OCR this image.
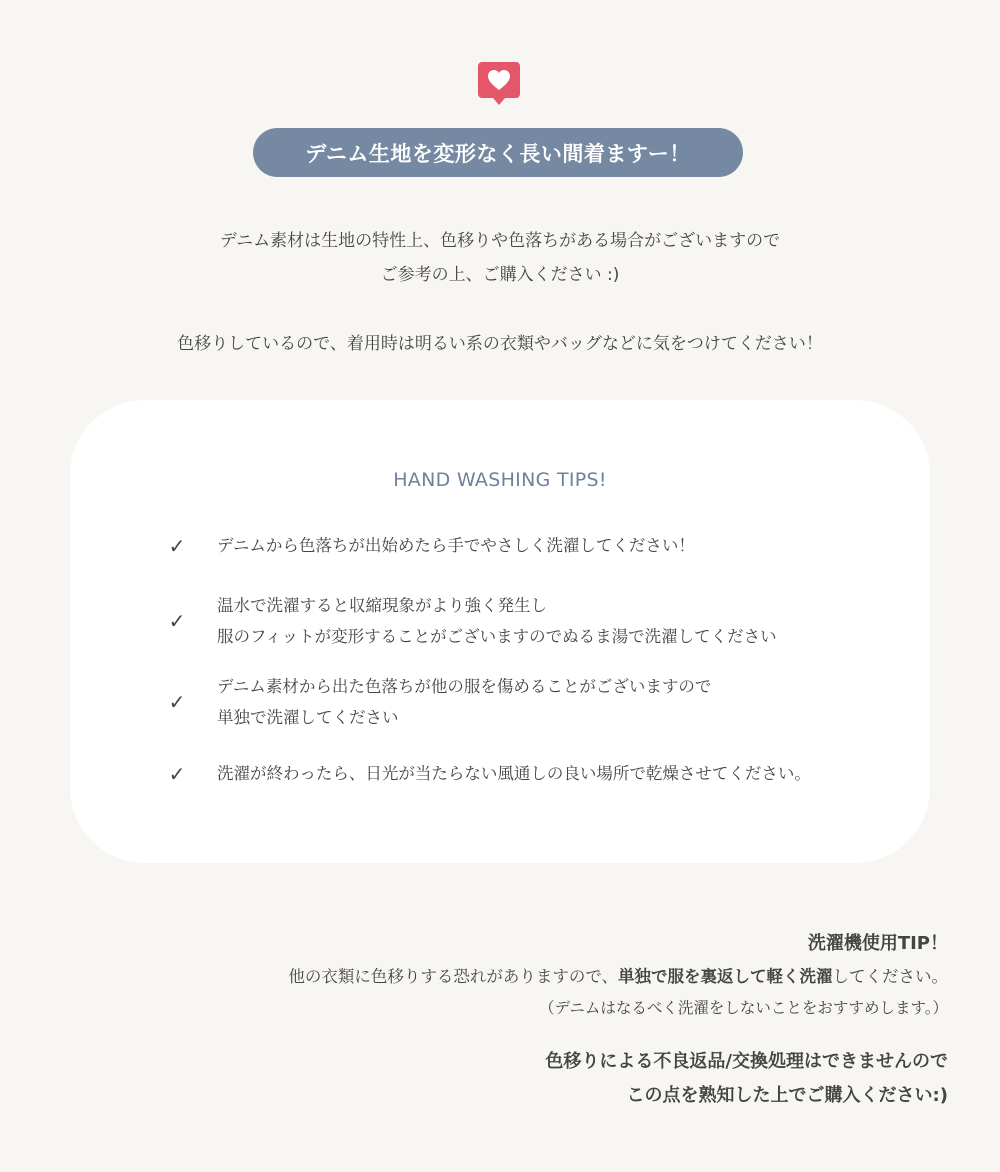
デニム生地を変形なく長い間着ますー！
デニム素材は生地の特性上、色移りや色落ちがある場合がございますので
ご参考の上、ご購入ください :)
色移りしているので、着用時は明るい系の衣類やバッグなどに気をつけてください！
HAND WASHING TIPS!
✓	デニムから色落ちが出始めたら手でやさしく洗濯してください！
✓
温水で洗濯すると収縮現象がより強く発生し
服のフィットが変形することがございますのでぬるま湯で洗濯してください
✓
デニム素材から出た色落ちが他の服を傷めることがございますので
単独で洗濯してください
✓	洗濯が終わったら、日光が当たらない風通しの良い場所で乾燥させてください。
洗濯機使用TIP！
他の衣類に色移りする恐れがありますので、単独で服を裏返して軽く洗濯してください。
（デニムはなるべく洗濯をしないことをおすすめします。）
色移りによる不良返品/交換処理はできませんので
この点を熟知した上でご購入ください:)
